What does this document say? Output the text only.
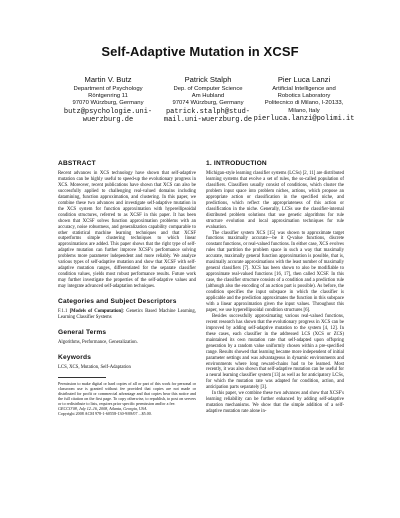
Self-Adaptive Mutation in XCSF
Martin V. Butz
Department of Psychology
Röntgenring 11
97070 Würzburg, Germany
butz@psychologie.uni-wuerzburg.de
Patrick Stalph
Dep. of Computer Science
Am Hubland
97074 Würzburg, Germany
patrick.stalph@stud-mail.uni-wuerzburg.de
Pier Luca Lanzi
Artificial Intelligence and
Robotics Laboratory
Politecnico di Milano, I-20133,
Milano, Italy
pierluca.lanzi@polimi.it
ABSTRACT

Recent advances in XCS technology have shown that self-adaptive mutation can be highly useful to speed-up the evolutionary progress in XCS. Moreover, recent publications have shown that XCS can also be successfully applied to challenging real-valued domains including datamining, function approximation, and clustering. In this paper, we combine these two advances and investigate self-adaptive mutation in the XCS system for function approximation with hyperellipsoidal condition structures, referred to as XCSF in this paper. It has been shown that XCSF solves function approximation problems with an accuracy, noise robustness, and generalization capability comparable to other statistical machine learning techniques and that XCSF outperforms simple clustering techniques to which linear approximations are added. This paper shows that the right type of self-adaptive mutation can further improve XCSF's performance solving problems more parameter independent and more reliably. We analyze various types of self-adaptive mutation and show that XCSF with self-adaptive mutation ranges, differentiated for the separate classifier condition values, yields most robust performance results. Future work may further investigate the properties of the self-adaptive values and may integrate advanced self-adaptation techniques.

Categories and Subject Descriptors

F.1.1 [Models of Computation]: Genetics Based Machine Learning, Learning Classifier Systems

General Terms

Algorithms, Performance, Generalization.

Keywords

LCS, XCS, Mutation, Self-Adaptation

Permission to make digital or hard copies of all or part of this work for personal or classroom use is granted without fee provided that copies are not made or distributed for profit or commercial advantage and that copies bear this notice and the full citation on the first page. To copy otherwise, to republish, to post on servers or to redistribute to lists, requires prior specific permission and/or a fee.

GECCO'08, July 12–16, 2008, Atlanta, Georgia, USA.

Copyright 2008 ACM 978-1-60558-130-9/08/07 ...$5.00.

1. INTRODUCTION

Michigan-style learning classifier systems (LCSs) [2, 11] are distributed learning systems that evolve a set of rules, the so-called population of classifiers. Classifiers usually consist of conditions, which cluster the problem input space into problem niches, actions, which propose an appropriate action or classification in the specified niche, and predictions, which reflect the appropriateness of this action or classification in the niche. Generally, LCSs use the classifier-internal distributed problem solutions that use genetic algorithms for rule structure evolution and local approximation techniques for rule evaluation.

The classifier system XCS [15] was shown to approximate target functions maximally accurate—be it Q-value functions, discrete constant functions, or real-valued functions. In either case, XCS evolves rules that partition the problem space in such a way that maximally accurate, maximally general function approximation is possible, that is, maximally accurate approximations with the least number of maximally general classifiers [7]. XCS has been shown to also be modifiable to approximate real-valued functions [16, 17], then called XCSF. In this case, the classifier structure consists of a condition and a prediction rule (although also the encoding of an action part is possible). As before, the condition specifies the input subspace in which the classifier is applicable and the prediction approximates the function in this subspace with a linear approximation given the input values. Throughout this paper, we use hyperellipsoidal condition structures [6].

Besides successfully approximating various real-valued functions, recent research has shown that the evolutionary progress in XCS can be improved by adding self-adaptive mutation to the system [4, 12]. In these cases, each classifier in the addressed LCS (XCS or ZCS) maintained its own mutation rate that self-adapted upon offspring generation by a random value uniformly chosen within a pre-specified range. Results showed that learning became more independent of initial parameter settings and was advantageous in dynamic environments and environments where long reward-chains had to be learned. Most recently, it was also shown that self-adaptive mutation can be useful for a neural learning classifier system [13] as well as for anticipatory LCSs, for which the mutation rate was adapted for condition, action, and anticipation parts separately [3].

In this paper, we combine these two advances and show that XCSF's learning reliability can be further enhanced by adding self-adaptive mutation mechanisms. We show that the simple addition of a self-adaptive mutation rate alone in-
